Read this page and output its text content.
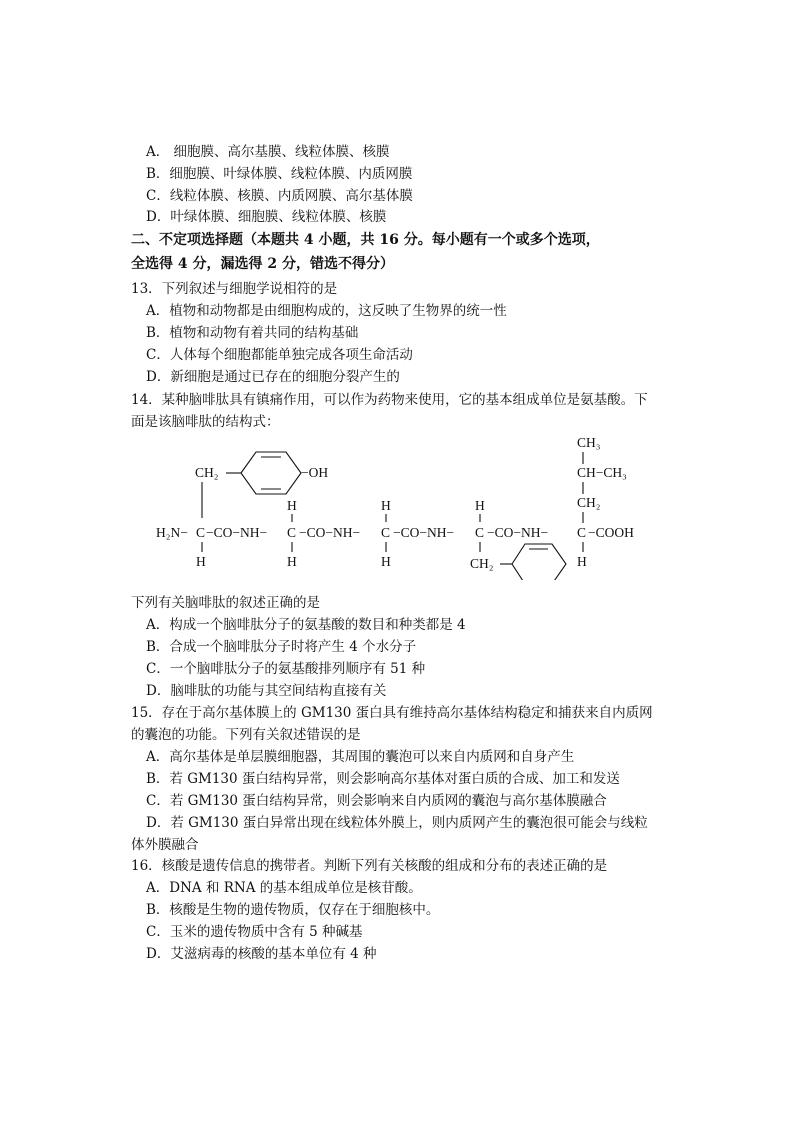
A． 细胞膜、高尔基膜、线粒体膜、核膜
B．细胞膜、叶绿体膜、线粒体膜、内质网膜
C．线粒体膜、核膜、内质网膜、高尔基体膜
D．叶绿体膜、细胞膜、线粒体膜、核膜
二、不定项选择题（本题共 4 小题，共 16 分。每小题有一个或多个选项，
全选得 4 分，漏选得 2 分，错选不得分）
13．下列叙述与细胞学说相符的是
A．植物和动物都是由细胞构成的，这反映了生物界的统一性
B．植物和动物有着共同的结构基础
C．人体每个细胞都能单独完成各项生命活动
D．新细胞是通过已存在的细胞分裂产生的
14．某种脑啡肽具有镇痛作用，可以作为药物来使用，它的基本组成单位是氨基酸。下
面是该脑啡肽的结构式：
CH₂	−OH
CH₃
CH−CH₃
CH₂
H	H	H
H₂N− C −CO−NH− C −CO−NH− C −CO−NH− C −CO−NH− C −COOH
H	H	H	CH₂	H
下列有关脑啡肽的叙述正确的是
A．构成一个脑啡肽分子的氨基酸的数目和种类都是 4
B．合成一个脑啡肽分子时将产生 4 个水分子
C．一个脑啡肽分子的氨基酸排列顺序有 51 种
D．脑啡肽的功能与其空间结构直接有关
15．存在于高尔基体膜上的 GM130 蛋白具有维持高尔基体结构稳定和捕获来自内质网
的囊泡的功能。下列有关叙述错误的是
A．高尔基体是单层膜细胞器，其周围的囊泡可以来自内质网和自身产生
B．若 GM130 蛋白结构异常，则会影响高尔基体对蛋白质的合成、加工和发送
C．若 GM130 蛋白结构异常，则会影响来自内质网的囊泡与高尔基体膜融合
D．若 GM130 蛋白异常出现在线粒体外膜上，则内质网产生的囊泡很可能会与线粒
体外膜融合
16．核酸是遗传信息的携带者。判断下列有关核酸的组成和分布的表述正确的是
A．DNA 和 RNA 的基本组成单位是核苷酸。
B．核酸是生物的遗传物质，仅存在于细胞核中。
C．玉米的遗传物质中含有 5 种碱基
D．艾滋病毒的核酸的基本单位有 4 种
